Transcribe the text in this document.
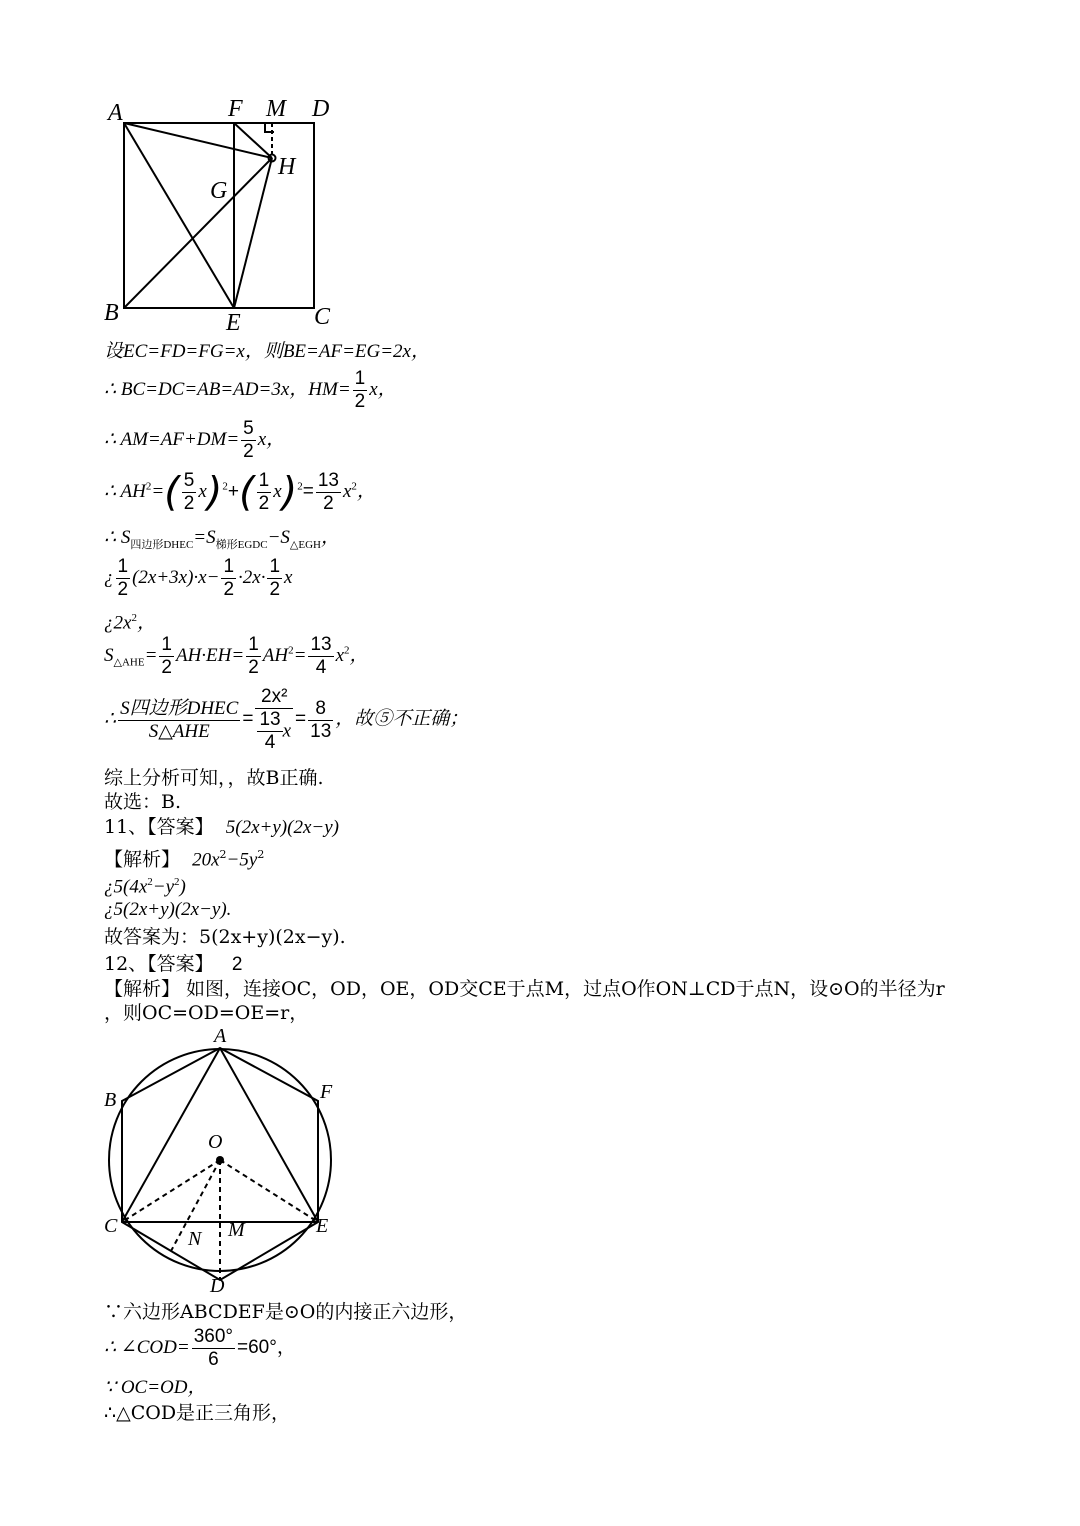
A	F M D
G
H
B	E	C
设EC=FD=FG=x，则BE=AF=EG=2x，
∴ BC=DC=AB=AD=3x，$HM= \frac{1}{2}$ x，
∴ $AM=AF+DM= \frac{5}{2}$ x，
∴ $AH^2=( \frac{5}{2} x)^2+( \frac{1}{2} x)^2= \frac{13}{2} x^2$，
∴ $S_{四边形DHEC}=S_{梯形EGDC}-S_{\triangle EGH}$，
¿ $\frac{1}{2} (2x+3x)\cdot x- \frac{1}{2} \cdot 2x\cdot \frac{1}{2}$ x
¿$2x^2$，
$S_{\triangle AHE}= \frac{1}{2} AH\cdot EH= \frac{1}{2} AH^2= \frac{13}{4} x^2$，
∴ $\frac{\text{S四边形DHEC}}{\text{S△AHE}} = \frac{\text{2x²}}{\frac{13}{4} x} = \frac{8}{13}$ ，故⑤不正确；
综上分析可知，，故B正确.
故选：B.
11、【答案】 5(2x+y)(2x−y)
【解析】 $20x^2-5y^2$
¿$5(4x^2-y^2)$
¿5(2x+y)(2x−y).
故答案为：5(2x+y)(2x−y).
12、【答案】 2
【解析】 如图，连接OC，OD，OE，OD交CE于点M，过点O作ON⊥CD于点N，设⊙O的半径为r
，则OC=OD=OE=r，
A
B	F
O
C
N M	E
D
∵六边形ABCDEF是⊙O的内接正六边形，
∴ ∠COD= $\frac{360^\circ}{6} =60^\circ$，
∵ OC=OD，
∴△COD是正三角形，
